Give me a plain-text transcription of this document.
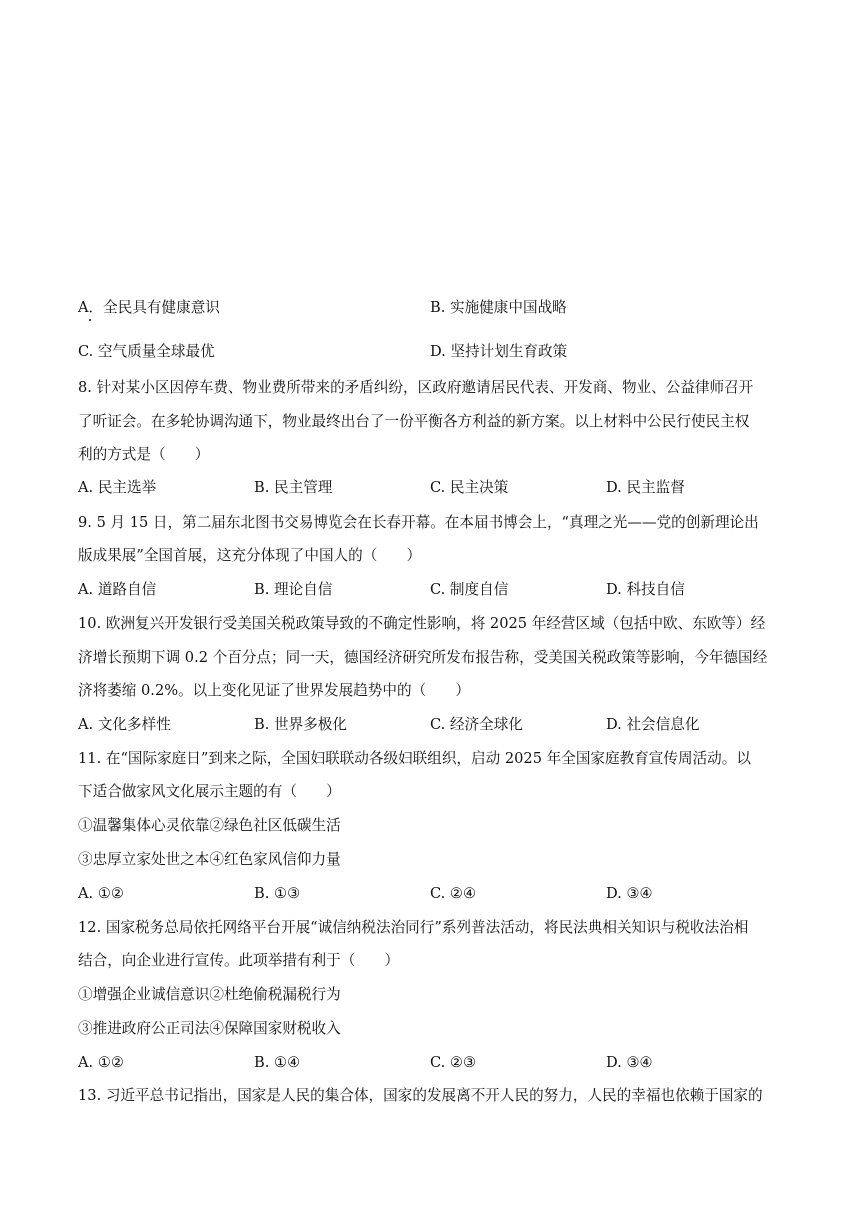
A．全民具有健康意识	B. 实施健康中国战略
C. 空气质量全球最优	D. 坚持计划生育政策
8. 针对某小区因停车费、物业费所带来的矛盾纠纷，区政府邀请居民代表、开发商、物业、公益律师召开
了听证会。在多轮协调沟通下，物业最终出台了一份平衡各方利益的新方案。以上材料中公民行使民主权
利的方式是（　　）
A. 民主选举	B. 民主管理	C. 民主决策	D. 民主监督
9. 5 月 15 日，第二届东北图书交易博览会在长春开幕。在本届书博会上，“真理之光——党的创新理论出
版成果展”全国首展，这充分体现了中国人的（　　）
A. 道路自信	B. 理论自信	C. 制度自信	D. 科技自信
10. 欧洲复兴开发银行受美国关税政策导致的不确定性影响，将 2025 年经营区域（包括中欧、东欧等）经
济增长预期下调 0.2 个百分点；同一天，德国经济研究所发布报告称，受美国关税政策等影响，今年德国经
济将萎缩 0.2%。以上变化见证了世界发展趋势中的（　　）
A. 文化多样性	B. 世界多极化	C. 经济全球化	D. 社会信息化
11. 在“国际家庭日”到来之际，全国妇联联动各级妇联组织，启动 2025 年全国家庭教育宣传周活动。以
下适合做家风文化展示主题的有（　　）
①温馨集体心灵依靠②绿色社区低碳生活
③忠厚立家处世之本④红色家风信仰力量
A. ①②	B. ①③	C. ②④	D. ③④
12. 国家税务总局依托网络平台开展“诚信纳税法治同行”系列普法活动，将民法典相关知识与税收法治相
结合，向企业进行宣传。此项举措有利于（　　）
①增强企业诚信意识②杜绝偷税漏税行为
③推进政府公正司法④保障国家财税收入
A. ①②	B. ①④	C. ②③	D. ③④
13. 习近平总书记指出，国家是人民的集合体，国家的发展离不开人民的努力，人民的幸福也依赖于国家的
